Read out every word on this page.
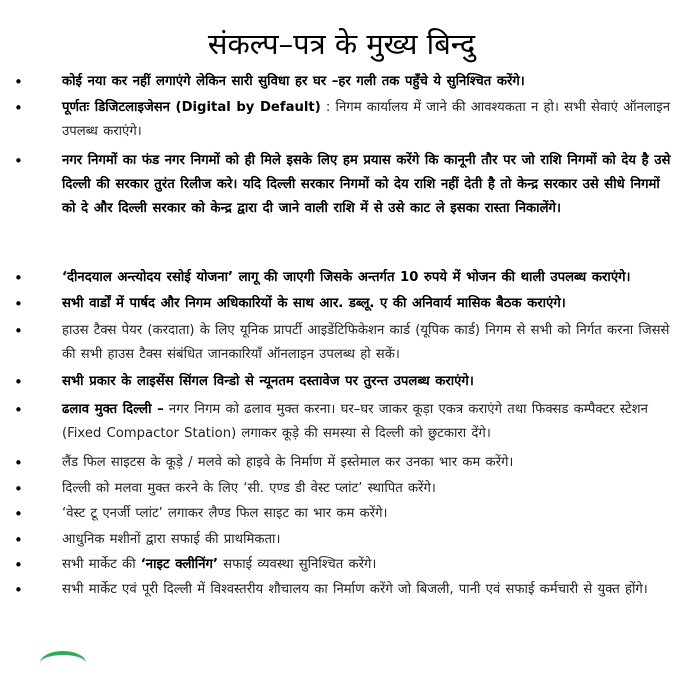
संकल्प–पत्र के मुख्य बिन्दु
•	कोई नया कर नहीं लगाएंगे लेकिन सारी सुविधा हर घर –हर गली तक पहुँचे ये सुनिश्चित करेंगे।
•	पूर्णतः डिजिटलाइजेसन (Digital by Default) : निगम कार्यालय में जाने की आवश्यकता न हो। सभी सेवाएं ऑनलाइन उपलब्ध कराएंगे।
•	नगर निगमों का फंड नगर निगमों को ही मिले इसके लिए हम प्रयास करेंगे कि कानूनी तौर पर जो राशि निगमों को देय है उसे दिल्ली की सरकार तुरंत रिलीज करे। यदि दिल्ली सरकार निगमों को देय राशि नहीं देती है तो केन्द्र सरकार उसे सीधे निगमों को दे और दिल्ली सरकार को केन्द्र द्वारा दी जाने वाली राशि में से उसे काट ले इसका रास्ता निकालेंगे।
•	‘दीनदयाल अन्त्योदय रसोई योजना’ लागू की जाएगी जिसके अन्तर्गत 10 रुपये में भोजन की थाली उपलब्ध कराएंगे।
•	सभी वार्डों में पार्षद और निगम अधिकारियों के साथ आर. डब्लू. ए की अनिवार्य मासिक बैठक कराएंगे।
•	हाउस टैक्स पेयर (करदाता) के लिए यूनिक प्रापर्टी आइडेंटिफिकेशन कार्ड (यूपिक कार्ड) निगम से सभी को निर्गत करना जिससे की सभी हाउस टैक्स संबंधित जानकारियाँ ऑनलाइन उपलब्ध हो सकें।
•	सभी प्रकार के लाइसेंस सिंगल विन्डो से न्यूनतम दस्तावेज पर तुरन्त उपलब्ध कराएंगे।
•	ढलाव मुक्त दिल्ली – नगर निगम को ढलाव मुक्त करना। घर–घर जाकर कूड़ा एकत्र कराएंगे तथा फिक्सड कम्पैक्टर स्टेशन (Fixed Compactor Station) लगाकर कूड़े की समस्या से दिल्ली को छुटकारा देंगे।
•	लैंड फिल साइटस के कूड़े / मलवे को हाइवे के निर्माण में इस्तेमाल कर उनका भार कम करेंगे।
•	दिल्ली को मलवा मुक्त करने के लिए ‘सी. एण्ड डी वेस्ट प्लांट’ स्थापित करेंगे।
•	‘वेस्ट टू एनर्जी प्लांट’ लगाकर लैण्ड फिल साइट का भार कम करेंगे।
•	आधुनिक मशीनों द्वारा सफाई की प्राथमिकता।
•	सभी मार्केट की ‘नाइट क्लीनिंग’ सफाई व्यवस्था सुनिश्चित करेंगे।
•	सभी मार्केट एवं पूरी दिल्ली में विश्वस्तरीय शौचालय का निर्माण करेंगे जो बिजली, पानी एवं सफाई कर्मचारी से युक्त होंगे।
